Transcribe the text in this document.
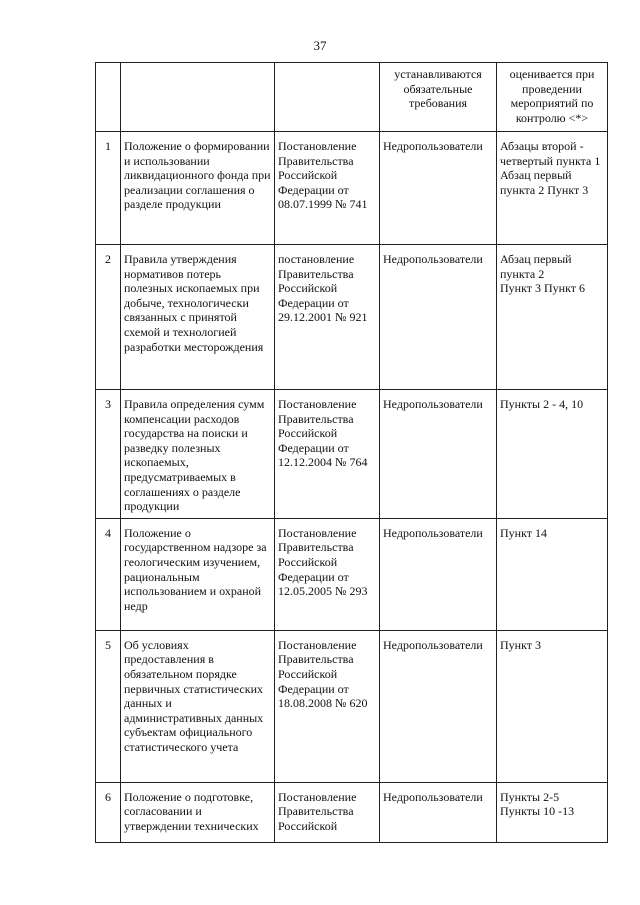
37
			устанавливаются обязательные требования	оценивается при проведении мероприятий по контролю <*>
1	Положение о формировании и использовании ликвидационного фонда при реализации соглашения о разделе продукции	Постановление Правительства Российской Федерации от 08.07.1999 № 741	Недропользователи	Абзацы второй - четвертый пункта 1
Абзац первый пункта 2 Пункт 3
2	Правила утверждения нормативов потерь полезных ископаемых при добыче, технологически связанных с принятой схемой и технологией разработки месторождения	постановление Правительства Российской Федерации от 29.12.2001 № 921	Недропользователи	Абзац первый пункта 2
Пункт 3 Пункт 6
3	Правила определения сумм компенсации расходов государства на поиски и разведку полезных ископаемых, предусматриваемых в соглашениях о разделе продукции	Постановление Правительства Российской Федерации от 12.12.2004 № 764	Недропользователи	Пункты 2 - 4, 10
4	Положение о государственном надзоре за геологическим изучением, рациональным использованием и охраной недр	Постановление Правительства Российской Федерации от 12.05.2005 № 293	Недропользователи	Пункт 14
5	Об условиях предоставления в обязательном порядке первичных статистических данных и административных данных субъектам официального статистического учета	Постановление Правительства Российской Федерации от 18.08.2008 № 620	Недропользователи	Пункт 3
6	Положение о подготовке, согласовании и утверждении технических	Постановление Правительства Российской	Недропользователи	Пункты 2-5
Пункты 10 -13
